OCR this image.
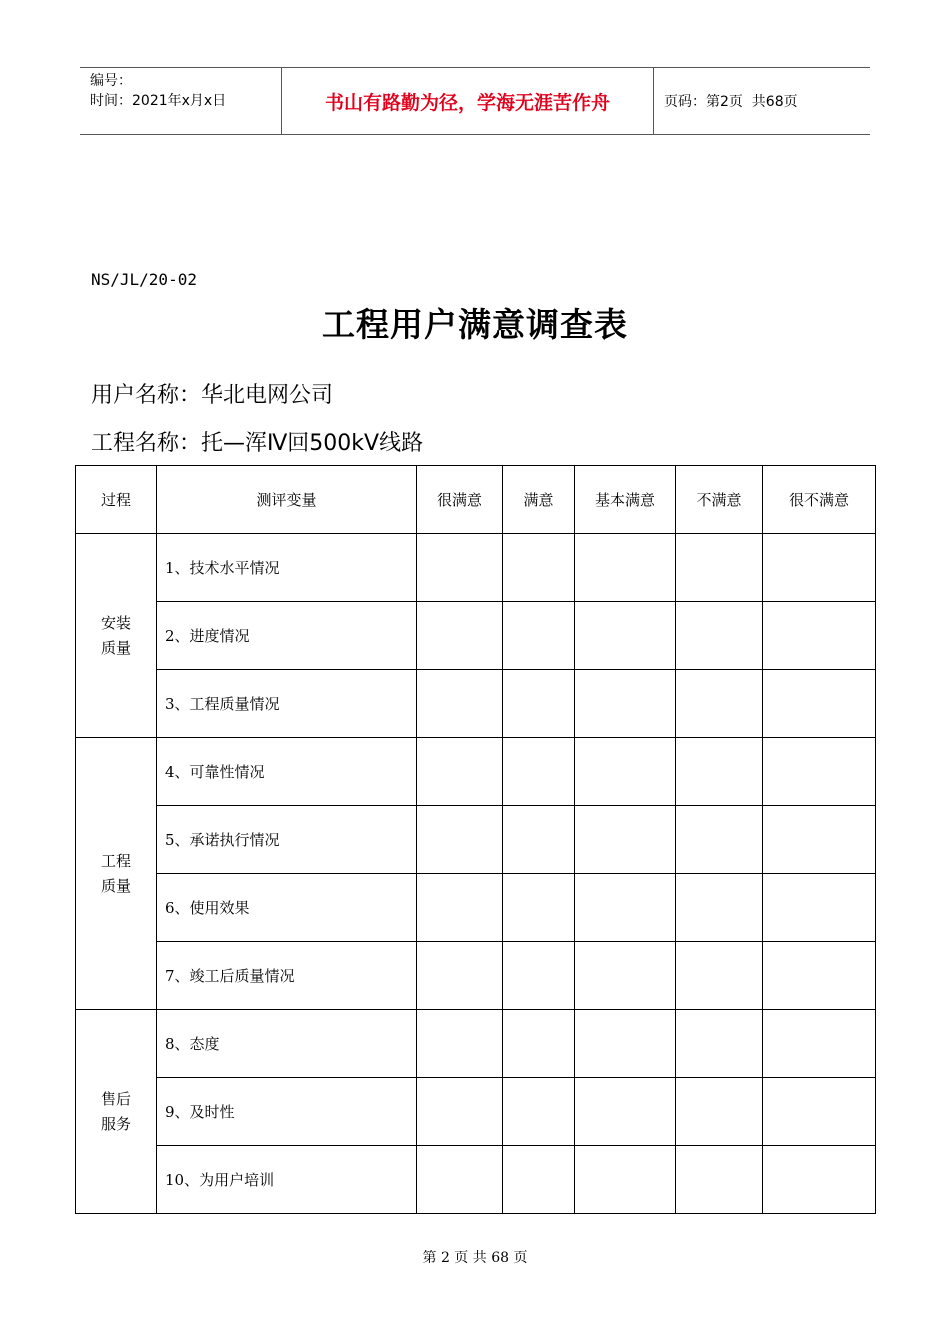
编号：
时间：2021年x月x日	书山有路勤为径，学海无涯苦作舟	页码：第2页  共68页
NS/JL/20-02
工程用户满意调查表
用户名称：华北电网公司
工程名称：托—浑Ⅳ回500kV线路
过程	测评变量	很满意	满意	基本满意	不满意	很不满意

安装
质量	1、技术水平情况					
	2、进度情况					
	3、工程质量情况					

工程
质量	4、可靠性情况					
	5、承诺执行情况					
	6、使用效果					
	7、竣工后质量情况					

售后
服务	8、态度					
	9、及时性					
	10、为用户培训					
第 2 页 共 68 页
